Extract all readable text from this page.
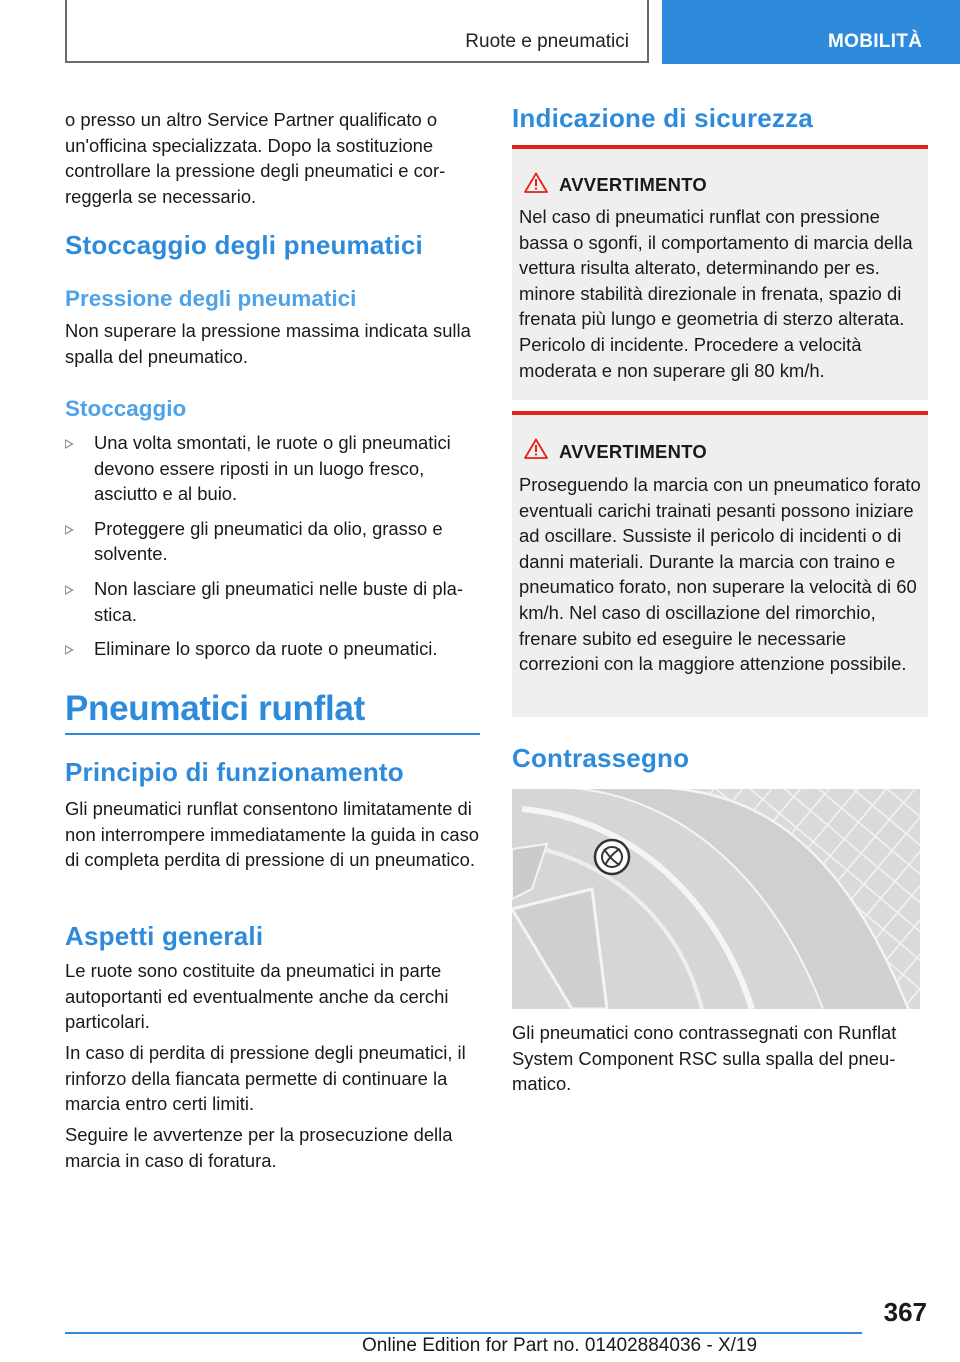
Ruote e pneumatici	MOBILITÀ

o presso un altro Service Partner qualificato o un'officina specializzata. Dopo la sostituzione controllare la pressione degli pneumatici e correggerla se necessario.

Stoccaggio degli pneumatici
Pressione degli pneumatici

Non superare la pressione massima indicata sulla spalla del pneumatico.

Stoccaggio
Una volta smontati, le ruote o gli pneumatici devono essere riposti in un luogo fresco, asciutto e al buio.
Proteggere gli pneumatici da olio, grasso e solvente.
Non lasciare gli pneumatici nelle buste di plastica.
Eliminare lo sporco da ruote o pneumatici.
Pneumatici runflat
Principio di funzionamento

Gli pneumatici runflat consentono limitatamente di non interrompere immediatamente la guida in caso di completa perdita di pressione di un pneumatico.

Aspetti generali

Le ruote sono costituite da pneumatici in parte autoportanti ed eventualmente anche da cerchi particolari.

In caso di perdita di pressione degli pneumatici, il rinforzo della fiancata permette di continuare la marcia entro certi limiti.

Seguire le avvertenze per la prosecuzione della marcia in caso di foratura.

Indicazione di sicurezza
AVVERTIMENTO

Nel caso di pneumatici runflat con pressione bassa o sgonfi, il comportamento di marcia della vettura risulta alterato, determinando per es. minore stabilità direzionale in frenata, spazio di frenata più lungo e geometria di sterzo alterata. Pericolo di incidente. Procedere a velocità moderata e non superare gli 80 km/h.

AVVERTIMENTO

Proseguendo la marcia con un pneumatico forato eventuali carichi trainati pesanti possono iniziare ad oscillare. Sussiste il pericolo di incidenti o di danni materiali. Durante la marcia con traino e pneumatico forato, non superare la velocità di 60 km/h. Nel caso di oscillazione del rimorchio, frenare subito ed eseguire le necessarie correzioni con la maggiore attenzione possibile.

Contrassegno

Gli pneumatici cono contrassegnati con Runflat System Component RSC sulla spalla del pneumatico.

367
Online Edition for Part no. 01402884036 - X/19
